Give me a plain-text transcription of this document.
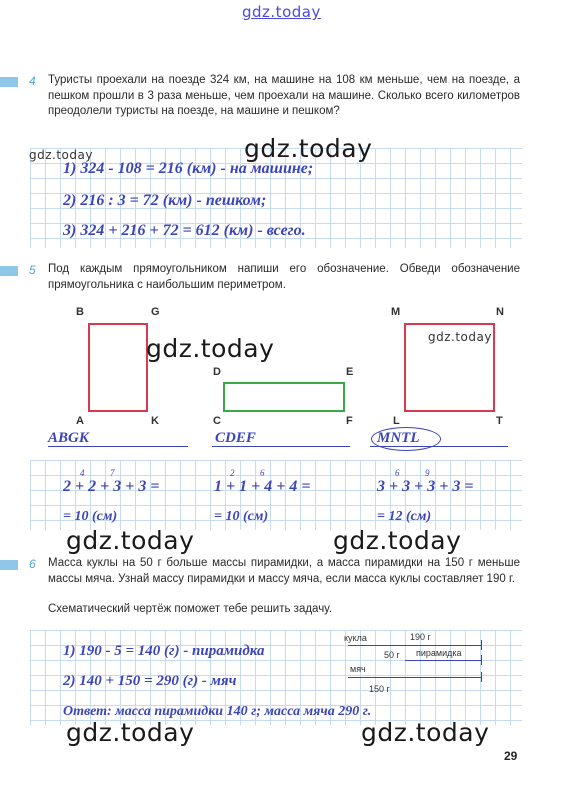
gdz.today
4 Туристы проехали на поезде 324 км, на машине на 108 км меньше, чем на поезде, а пешком прошли в 3 раза меньше, чем проехали на машине. Сколько всего километров преодолели туристы на поезде, на машине и пешком?
1) 324 - 108 = 216 (км) - на машине;
2) 216 : 3 = 72 (км) - пешком;
3) 324 + 216 + 72 = 612 (км) - всего.
gdz.today
gdz.today
5 Под каждым прямоугольником напиши его обозначение. Обведи обозначение прямоугольника с наибольшим периметром.
B	G
A	K
D	E
C	F
M	N
L	T
ABGK	CDEF	MNTL
4	7
2 + 2 + 3 + 3 =
= 10 (см)
2	6
1 + 1 + 4 + 4 =
= 10 (см)
6	9
3 + 3 + 3 + 3 =
= 12 (см)
gdz.today	gdz.today
gdz.today	gdz.today
6 Масса куклы на 50 г больше массы пирамидки, а масса пирамидки на 150 г меньше массы мяча. Узнай массу пирамидки и массу мяча, если масса куклы составляет 190 г.
Схематический чертёж поможет тебе решить задачу.
кукла	190 г
50 г пирамидка
мяч
150 г
1) 190 - 5 = 140 (г) - пирамидка
2) 140 + 150 = 290 (г) - мяч
Ответ: масса пирамидки 140 г; масса мяча 290 г.
gdz.today	gdz.today
29
